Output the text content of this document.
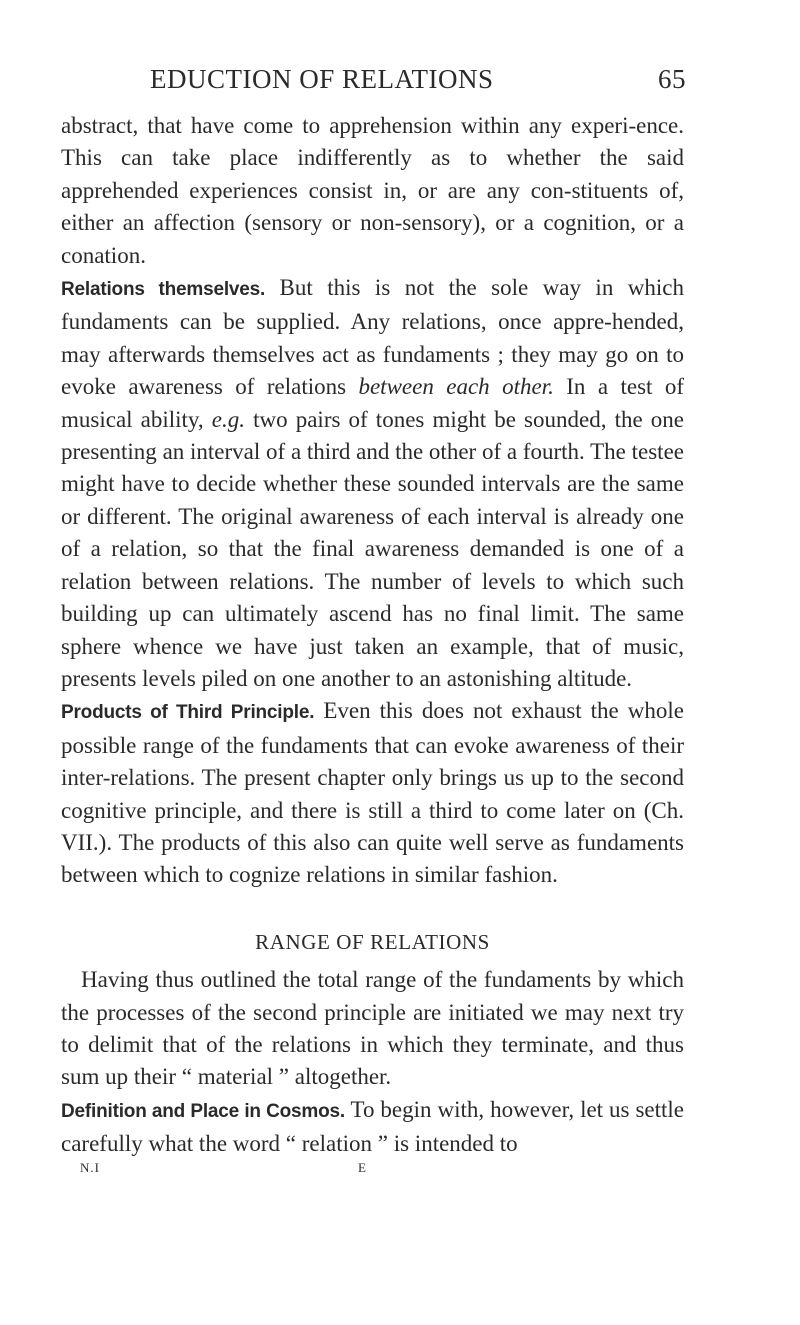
EDUCTION OF RELATIONS	65

abstract, that have come to apprehension within any experi-ence. This can take place indifferently as to whether the said apprehended experiences consist in, or are any con-stituents of, either an affection (sensory or non-sensory), or a cognition, or a conation.

Relations themselves. But this is not the sole way in which fundaments can be supplied. Any relations, once appre-hended, may afterwards themselves act as fundaments ; they may go on to evoke awareness of relations between each other. In a test of musical ability, e.g. two pairs of tones might be sounded, the one presenting an interval of a third and the other of a fourth. The testee might have to decide whether these sounded intervals are the same or different. The original awareness of each interval is already one of a relation, so that the final awareness demanded is one of a relation between relations. The number of levels to which such building up can ultimately ascend has no final limit. The same sphere whence we have just taken an example, that of music, presents levels piled on one another to an astonishing altitude.

Products of Third Principle. Even this does not exhaust the whole possible range of the fundaments that can evoke awareness of their inter-relations. The present chapter only brings us up to the second cognitive principle, and there is still a third to come later on (Ch. VII.). The products of this also can quite well serve as fundaments between which to cognize relations in similar fashion.

RANGE OF RELATIONS

Having thus outlined the total range of the fundaments by which the processes of the second principle are initiated we may next try to delimit that of the relations in which they terminate, and thus sum up their “ material ” altogether.

Definition and Place in Cosmos. To begin with, however, let us settle carefully what the word “ relation ” is intended to

N.I	E
